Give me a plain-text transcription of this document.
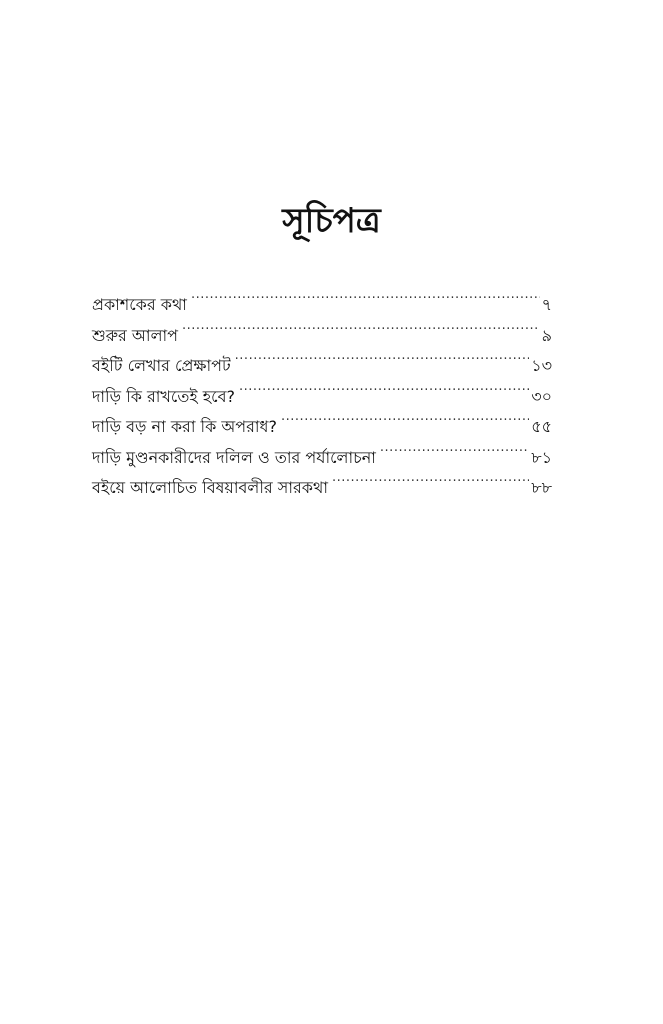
সূচিপত্র
প্রকাশকের কথা .....	৭
শুরুর আলাপ .....	৯
বইটি লেখার প্রেক্ষাপট .....	১৩
দাড়ি কি রাখতেই হবে? .....	৩০
দাড়ি বড় না করা কি অপরাধ? .....	৫৫
দাড়ি মুণ্ডনকারীদের দলিল ও তার পর্যালোচনা .....	৮১
বইয়ে আলোচিত বিষয়াবলীর সারকথা .....	৮৮
